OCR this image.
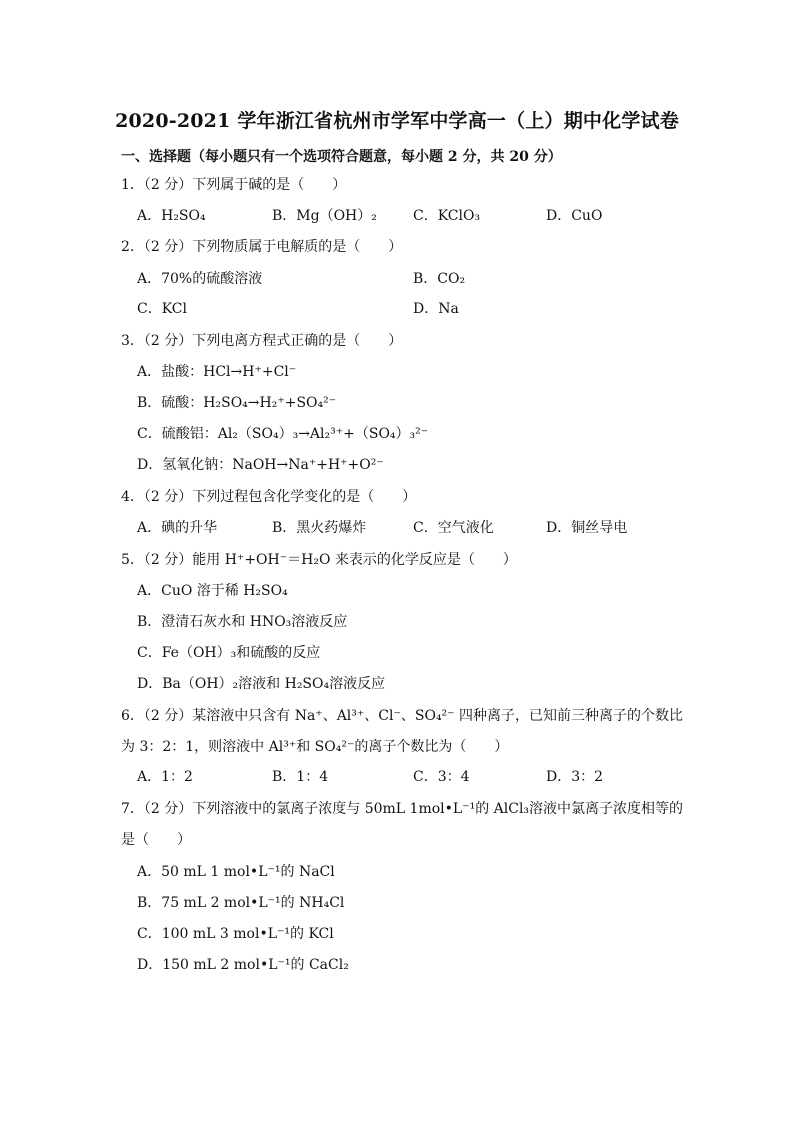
2020-2021 学年浙江省杭州市学军中学高一（上）期中化学试卷
一、选择题（每小题只有一个选项符合题意，每小题 2 分，共 20 分）
1．（2 分）下列属于碱的是（　　）
A．H₂SO₄	B．Mg（OH）₂	C．KClO₃	D．CuO
2．（2 分）下列物质属于电解质的是（　　）
A．70%的硫酸溶液	B．CO₂
C．KCl	D．Na
3．（2 分）下列电离方程式正确的是（　　）
A．盐酸：HCl→H⁺+Cl⁻
B．硫酸：H₂SO₄→H₂⁺+SO₄²⁻
C．硫酸铝：Al₂（SO₄）₃→Al₂³⁺+（SO₄）₃²⁻
D．氢氧化钠：NaOH→Na⁺+H⁺+O²⁻
4．（2 分）下列过程包含化学变化的是（　　）
A．碘的升华	B．黑火药爆炸	C．空气液化	D．铜丝导电
5．（2 分）能用 H⁺+OH⁻＝H₂O 来表示的化学反应是（　　）
A．CuO 溶于稀 H₂SO₄
B．澄清石灰水和 HNO₃溶液反应
C．Fe（OH）₃和硫酸的反应
D．Ba（OH）₂溶液和 H₂SO₄溶液反应
6．（2 分）某溶液中只含有 Na⁺、Al³⁺、Cl⁻、SO₄²⁻ 四种离子，已知前三种离子的个数比
为 3：2：1，则溶液中 Al³⁺和 SO₄²⁻的离子个数比为（　　）
A．1：2	B．1：4	C．3：4	D．3：2
7．（2 分）下列溶液中的氯离子浓度与 50mL 1mol•L⁻¹的 AlCl₃溶液中氯离子浓度相等的
是（　　）
A．50 mL 1 mol•L⁻¹的 NaCl
B．75 mL 2 mol•L⁻¹的 NH₄Cl
C．100 mL 3 mol•L⁻¹的 KCl
D．150 mL 2 mol•L⁻¹的 CaCl₂
